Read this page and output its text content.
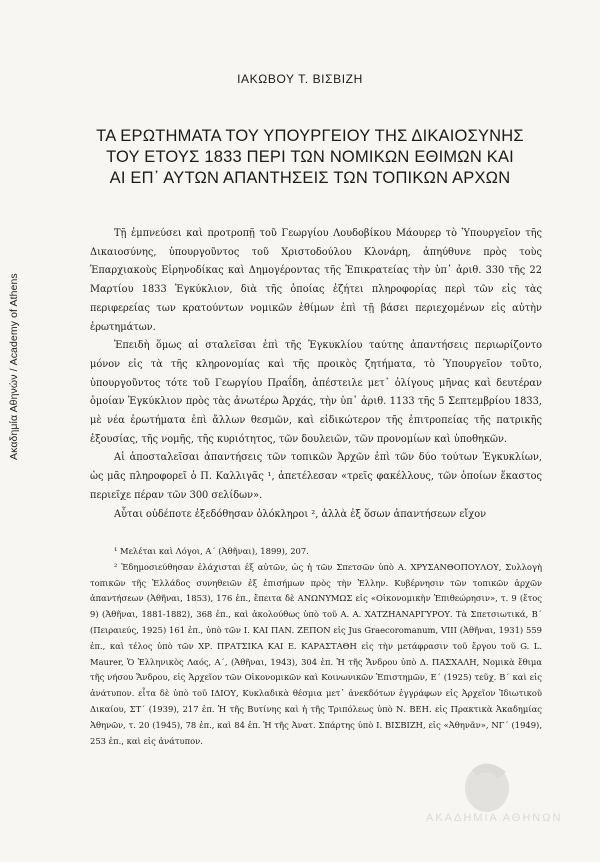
Ακαδημία Αθηνών / Academy of Athens
ΙΑΚΩΒΟΥ Τ. ΒΙΣΒΙΖΗ
ΤΑ ΕΡΩΤΗΜΑΤΑ ΤΟΥ ΥΠΟΥΡΓΕΙΟΥ ΤΗΣ ΔΙΚΑΙΟΣΥΝΗΣ
ΤΟΥ ΕΤΟΥΣ 1833 ΠΕΡΙ ΤΩΝ ΝΟΜΙΚΩΝ ΕΘΙΜΩΝ ΚΑΙ
ΑΙ ΕΠ᾿ ΑΥΤΩΝ ΑΠΑΝΤΗΣΕΙΣ ΤΩΝ ΤΟΠΙΚΩΝ ΑΡΧΩΝ

Τῇ ἐμπνεύσει καὶ προτροπῇ τοῦ Γεωργίου Λουδοβίκου Μάουρερ τὸ Ὑπουργεῖον τῆς Δικαιοσύνης, ὑπουργοῦντος τοῦ Χριστοδούλου Κλονάρη, ἀπηύθυνε πρὸς τοὺς Ἐπαρχιακοὺς Εἰρηνοδίκας καὶ Δημογέροντας τῆς Ἐπικρατείας τὴν ὑπ᾿ ἀριθ. 330 τῆς 22 Μαρτίου 1833 Ἐγκύκλιον, διὰ τῆς ὁποίας ἐζήτει πληροφορίας περὶ τῶν εἰς τὰς περιφερείας των κρατούντων νομικῶν ἐθίμων ἐπὶ τῇ βάσει περιεχομένων εἰς αὐτὴν ἐρωτημάτων.

Ἐπειδὴ ὅμως αἱ σταλεῖσαι ἐπὶ τῆς Ἐγκυκλίου ταύτης ἀπαντήσεις περιωρίζοντο μόνον εἰς τὰ τῆς κληρονομίας καὶ τῆς προικὸς ζητήματα, τὸ Ὑπουργεῖον τοῦτο, ὑπουργοῦντος τότε τοῦ Γεωργίου Πραΐδη, ἀπέστειλε μετ᾿ ὀλίγους μῆνας καὶ δευτέραν ὁμοίαν Ἐγκύκλιον πρὸς τὰς ἀνωτέρω Ἀρχάς, τὴν ὑπ᾿ ἀριθ. 1133 τῆς 5 Σεπτεμβρίου 1833, μὲ νέα ἐρωτήματα ἐπὶ ἄλλων θεσμῶν, καὶ εἰδικώτερον τῆς ἐπιτροπείας τῆς πατρικῆς ἐξουσίας, τῆς νομῆς, τῆς κυριότητος, τῶν δουλειῶν, τῶν προνομίων καὶ ὑποθηκῶν.

Αἱ ἀποσταλεῖσαι ἀπαντήσεις τῶν τοπικῶν Ἀρχῶν ἐπὶ τῶν δύο τούτων Ἐγκυκλίων, ὡς μᾶς πληροφορεῖ ὁ Π. Καλλιγᾶς ¹, ἀπετέλεσαν «τρεῖς φακέλλους, τῶν ὁποίων ἕκαστος περιεῖχε πέραν τῶν 300 σελίδων».

Αὗται οὐδέποτε ἐξεδόθησαν ὁλόκληροι ², ἀλλὰ ἐξ ὅσων ἀπαντήσεων εἴχον

¹ Μελέται καὶ Λόγοι, Α΄ (Ἀθῆναι), 1899), 207.

² Ἐδημοσιεύθησαν ἐλάχισται ἐξ αὐτῶν, ὡς ἡ τῶν Σπετσῶν ὑπὸ Α. ΧΡΥΣΑΝΘΟΠΟΥΛΟΥ, Συλλογὴ τοπικῶν τῆς Ἑλλάδος συνηθειῶν ἐξ ἐπισήμων πρὸς τὴν Ἑλλην. Κυβέρνησιν τῶν τοπικῶν ἀρχῶν ἀπαντήσεων (Ἀθῆναι, 1853), 176 ἐπ., ἔπειτα δὲ ΑΝΩΝΥΜΩΣ εἰς «Οἰκονομικὴν Ἐπιθεώρησιν», τ. 9 (ἔτος 9) (Ἀθῆναι, 1881-1882), 368 ἐπ., καὶ ἀκολούθως ὑπὸ τοῦ Α. Α. ΧΑΤΖΗΑΝΑΡΓΥΡΟΥ. Τὰ Σπετσιωτικά, Β΄ (Πειραιεύς, 1925) 161 ἐπ., ὑπὸ τῶν Ι. ΚΑΙ ΠΑΝ. ΖΕΠΟΝ εἰς Jus Graecoromanum, VIII (Ἀθῆναι, 1931) 559 ἐπ., καὶ τέλος ὑπὸ τῶν ΧΡ. ΠΡΑΤΣΙΚΑ ΚΑΙ Ε. ΚΑΡΑΣΤΑΘΗ εἰς τὴν μετάφρασιν τοῦ ἔργου τοῦ G. L. Maurer, Ὁ Ἑλληνικὸς Λαός, Α΄, (Ἀθῆναι, 1943), 304 ἐπ. Ἡ τῆς Ἄνδρου ὑπὸ Δ. ΠΑΣΧΑΛΗ, Νομικὰ ἔθιμα τῆς νήσου Ἄνδρου, εἰς Ἀρχεῖον τῶν Οἰκονομικῶν καὶ Κοινωνικῶν Ἐπιστημῶν, Ε΄ (1925) τεῦχ. Β΄ καὶ εἰς ἀνάτυπον. εἶτα δὲ ὑπὸ τοῦ ΙΔΙΟΥ, Κυκλαδικὰ θέσμια μετ᾿ ἀνεκδότων ἐγγράφων εἰς Ἀρχεῖον Ἰδιωτικοῦ Δικαίου, ΣΤ΄ (1939), 217 ἐπ. Ἡ τῆς Βυτίνης καὶ ἡ τῆς Τριπόλεως ὑπὸ Ν. ΒΕΗ. εἰς Πρακτικὰ Ἀκαδημίας Ἀθηνῶν, τ. 20 (1945), 78 ἐπ., καὶ 84 ἐπ. Ἡ τῆς Ἀνατ. Σπάρτης ὑπὸ Ι. ΒΙΣΒΙΖΗ, εἰς «Ἀθηνᾶν», ΝΓ΄ (1949), 253 ἐπ., καὶ εἰς ἀνάτυπον.

ΑΚΑΔΗΜΙΑ ΑΘΗΝΩΝ
